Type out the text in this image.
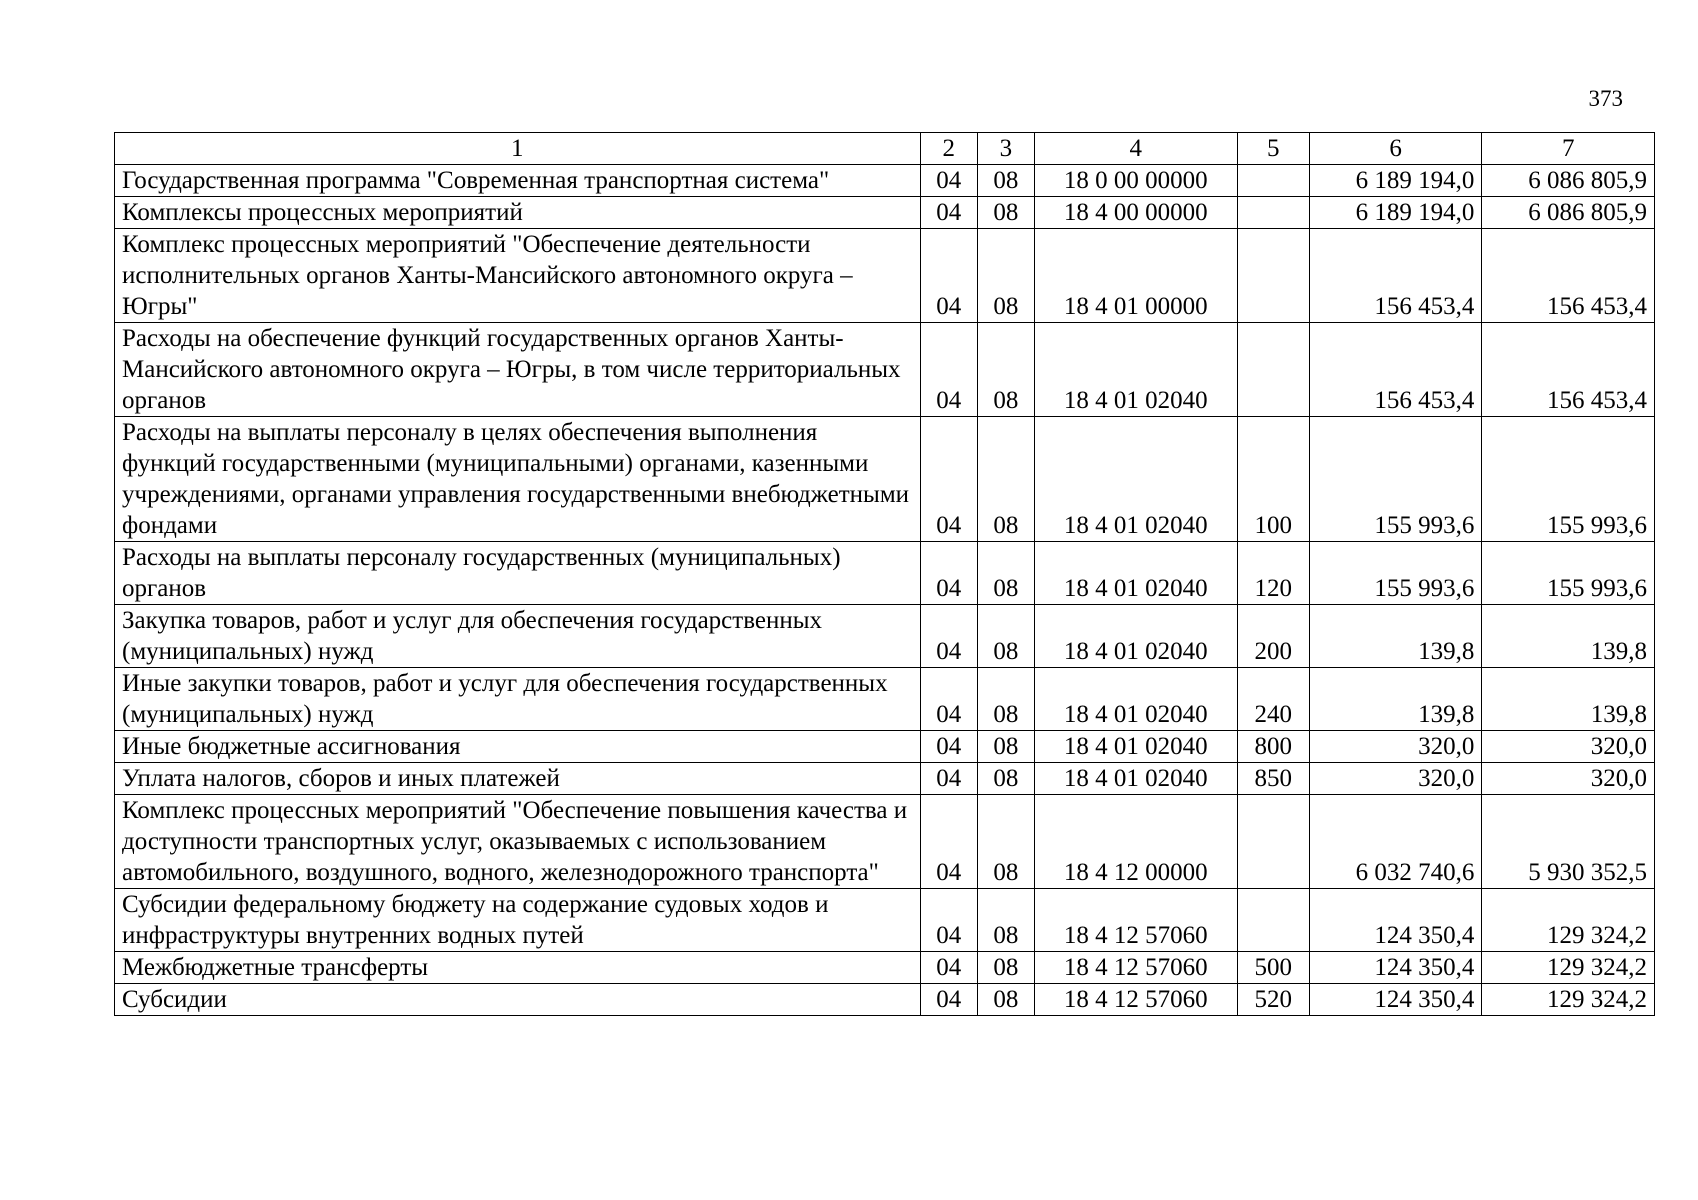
373
1	2	3	4	5	6	7
Государственная программа "Современная транспортная система"	04	08	18 0 00 00000		6 189 194,0	6 086 805,9
Комплексы процессных мероприятий	04	08	18 4 00 00000		6 189 194,0	6 086 805,9
Комплекс процессных мероприятий "Обеспечение деятельности исполнительных органов Ханты-Мансийского автономного округа – Югры"	04	08	18 4 01 00000		156 453,4	156 453,4
Расходы на обеспечение функций государственных органов Ханты-Мансийского автономного округа – Югры, в том числе территориальных органов	04	08	18 4 01 02040		156 453,4	156 453,4
Расходы на выплаты персоналу в целях обеспечения выполнения функций государственными (муниципальными) органами, казенными учреждениями, органами управления государственными внебюджетными фондами	04	08	18 4 01 02040	100	155 993,6	155 993,6
Расходы на выплаты персоналу государственных (муниципальных) органов	04	08	18 4 01 02040	120	155 993,6	155 993,6
Закупка товаров, работ и услуг для обеспечения государственных (муниципальных) нужд	04	08	18 4 01 02040	200	139,8	139,8
Иные закупки товаров, работ и услуг для обеспечения государственных (муниципальных) нужд	04	08	18 4 01 02040	240	139,8	139,8
Иные бюджетные ассигнования	04	08	18 4 01 02040	800	320,0	320,0
Уплата налогов, сборов и иных платежей	04	08	18 4 01 02040	850	320,0	320,0
Комплекс процессных мероприятий "Обеспечение повышения качества и доступности транспортных услуг, оказываемых с использованием автомобильного, воздушного, водного, железнодорожного транспорта"	04	08	18 4 12 00000		6 032 740,6	5 930 352,5
Субсидии федеральному бюджету на содержание судовых ходов и инфраструктуры внутренних водных путей	04	08	18 4 12 57060		124 350,4	129 324,2
Межбюджетные трансферты	04	08	18 4 12 57060	500	124 350,4	129 324,2
Субсидии	04	08	18 4 12 57060	520	124 350,4	129 324,2
